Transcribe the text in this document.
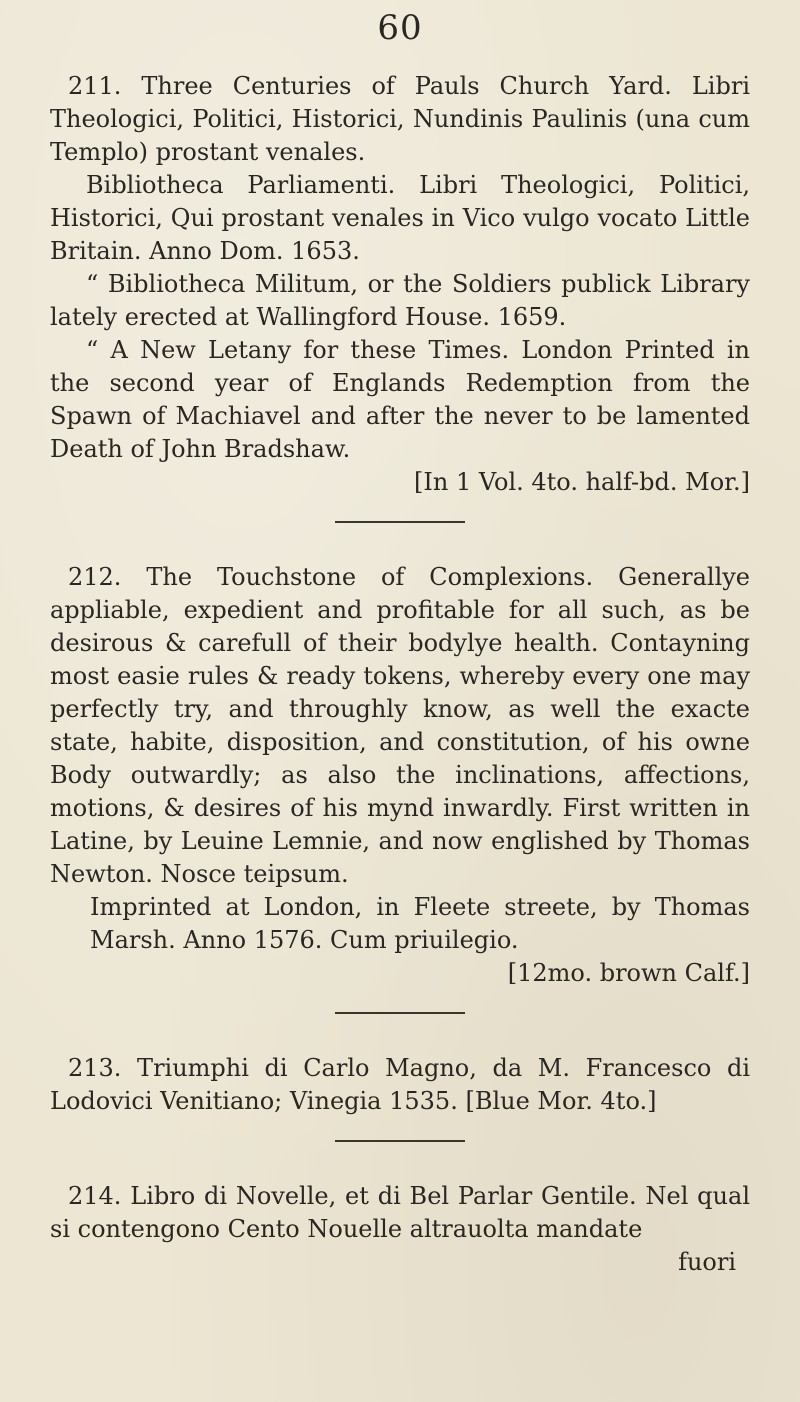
60

211. Three Centuries of Pauls Church Yard. Libri Theologici, Politici, Historici, Nundinis Paulinis (una cum Templo) prostant venales.

Bibliotheca Parliamenti. Libri Theologici, Politici, Historici, Qui prostant venales in Vico vulgo vocato Little Britain. Anno Dom. 1653.

“ Bibliotheca Militum, or the Soldiers publick Library lately erected at Wallingford House. 1659.

“ A New Letany for these Times. London Printed in the second year of Englands Redemption from the Spawn of Machiavel and after the never to be lamented Death of John Bradshaw.

[In 1 Vol. 4to. half-bd. Mor.]

212. The Touchstone of Complexions. Generallye appliable, expedient and profitable for all such, as be desirous & carefull of their bodylye health. Contayning most easie rules & ready tokens, whereby every one may perfectly try, and throughly know, as well the exacte state, habite, disposition, and constitution, of his owne Body outwardly; as also the inclinations, affections, motions, & desires of his mynd inwardly. First written in Latine, by Leuine Lemnie, and now englished by Thomas Newton. Nosce teipsum.

Imprinted at London, in Fleete streete, by Thomas Marsh. Anno 1576. Cum priuilegio.

[12mo. brown Calf.]

213. Triumphi di Carlo Magno, da M. Francesco di Lodovici Venitiano; Vinegia 1535. [Blue Mor. 4to.]

214. Libro di Novelle, et di Bel Parlar Gentile. Nel qual si contengono Cento Nouelle altrauolta mandate

fuori
